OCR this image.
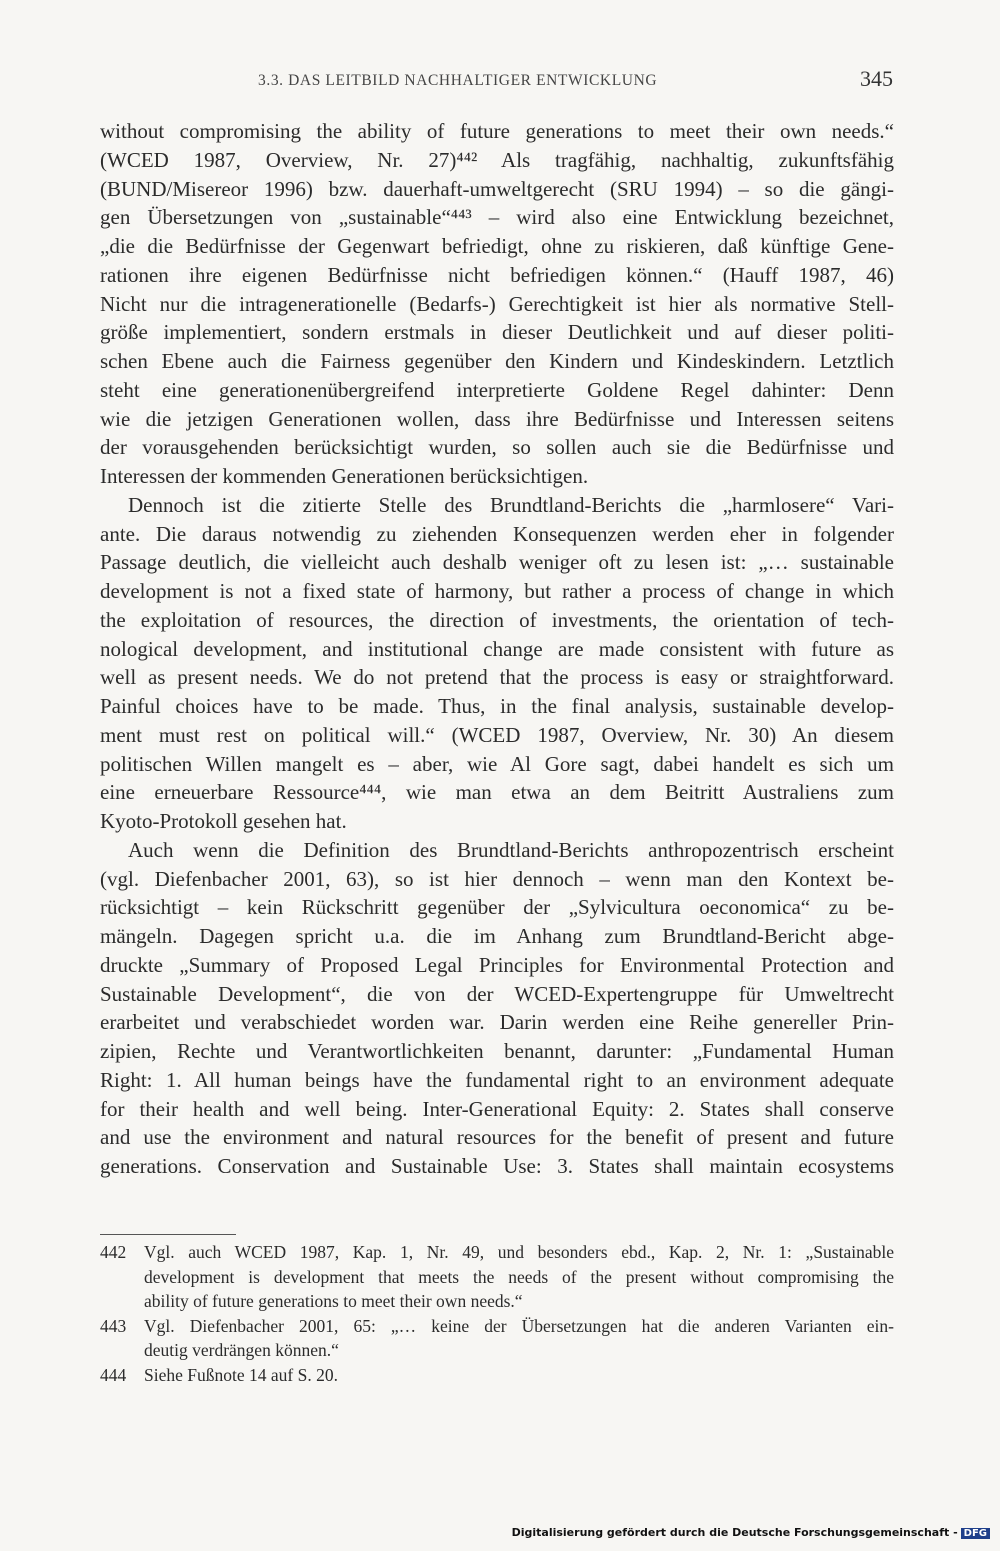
3.3. DAS LEITBILD NACHHALTIGER ENTWICKLUNG	345
without compromising the ability of future generations to meet their own needs.“
(WCED 1987, Overview, Nr. 27)⁴⁴² Als tragfähig, nachhaltig, zukunftsfähig
(BUND/Misereor 1996) bzw. dauerhaft-umweltgerecht (SRU 1994) – so die gängi-
gen Übersetzungen von „sustainable“⁴⁴³ – wird also eine Entwicklung bezeichnet,
„die die Bedürfnisse der Gegenwart befriedigt, ohne zu riskieren, daß künftige Gene-
rationen ihre eigenen Bedürfnisse nicht befriedigen können.“ (Hauff 1987, 46)
Nicht nur die intragenerationelle (Bedarfs-) Gerechtigkeit ist hier als normative Stell-
größe implementiert, sondern erstmals in dieser Deutlichkeit und auf dieser politi-
schen Ebene auch die Fairness gegenüber den Kindern und Kindeskindern. Letztlich
steht eine generationenübergreifend interpretierte Goldene Regel dahinter: Denn
wie die jetzigen Generationen wollen, dass ihre Bedürfnisse und Interessen seitens
der vorausgehenden berücksichtigt wurden, so sollen auch sie die Bedürfnisse und
Interessen der kommenden Generationen berücksichtigen.
Dennoch ist die zitierte Stelle des Brundtland-Berichts die „harmlosere“ Vari-
ante. Die daraus notwendig zu ziehenden Konsequenzen werden eher in folgender
Passage deutlich, die vielleicht auch deshalb weniger oft zu lesen ist: „… sustainable
development is not a fixed state of harmony, but rather a process of change in which
the exploitation of resources, the direction of investments, the orientation of tech-
nological development, and institutional change are made consistent with future as
well as present needs. We do not pretend that the process is easy or straightforward.
Painful choices have to be made. Thus, in the final analysis, sustainable develop-
ment must rest on political will.“ (WCED 1987, Overview, Nr. 30) An diesem
politischen Willen mangelt es – aber, wie Al Gore sagt, dabei handelt es sich um
eine erneuerbare Ressource⁴⁴⁴, wie man etwa an dem Beitritt Australiens zum
Kyoto-Protokoll gesehen hat.
Auch wenn die Definition des Brundtland-Berichts anthropozentrisch erscheint
(vgl. Diefenbacher 2001, 63), so ist hier dennoch – wenn man den Kontext be-
rücksichtigt – kein Rückschritt gegenüber der „Sylvicultura oeconomica“ zu be-
mängeln. Dagegen spricht u.a. die im Anhang zum Brundtland-Bericht abge-
druckte „Summary of Proposed Legal Principles for Environmental Protection and
Sustainable Development“, die von der WCED-Expertengruppe für Umweltrecht
erarbeitet und verabschiedet worden war. Darin werden eine Reihe genereller Prin-
zipien, Rechte und Verantwortlichkeiten benannt, darunter: „Fundamental Human
Right: 1. All human beings have the fundamental right to an environment adequate
for their health and well being. Inter-Generational Equity: 2. States shall conserve
and use the environment and natural resources for the benefit of present and future
generations. Conservation and Sustainable Use: 3. States shall maintain ecosystems
442 Vgl. auch WCED 1987, Kap. 1, Nr. 49, und besonders ebd., Kap. 2, Nr. 1: „Sustainable
development is development that meets the needs of the present without compromising the
ability of future generations to meet their own needs.“
443 Vgl. Diefenbacher 2001, 65: „… keine der Übersetzungen hat die anderen Varianten ein-
deutig verdrängen können.“
444 Siehe Fußnote 14 auf S. 20.
Digitalisierung gefördert durch die Deutsche Forschungsgemeinschaft - DFG
